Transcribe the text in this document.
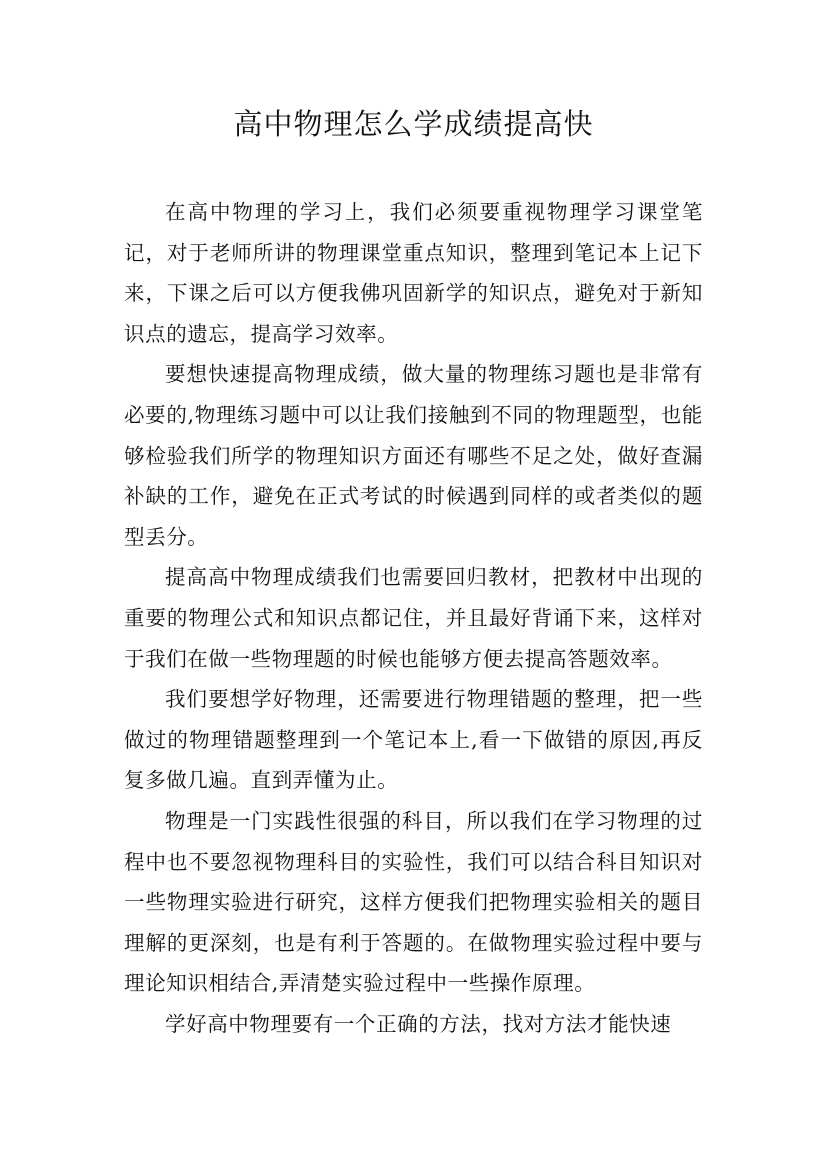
高中物理怎么学成绩提高快

在高中物理的学习上，我们必须要重视物理学习课堂笔记，对于老师所讲的物理课堂重点知识，整理到笔记本上记下来，下课之后可以方便我佛巩固新学的知识点，避免对于新知识点的遗忘，提高学习效率。

要想快速提高物理成绩，做大量的物理练习题也是非常有必要的,物理练习题中可以让我们接触到不同的物理题型，也能够检验我们所学的物理知识方面还有哪些不足之处，做好查漏补缺的工作，避免在正式考试的时候遇到同样的或者类似的题型丢分。

提高高中物理成绩我们也需要回归教材，把教材中出现的重要的物理公式和知识点都记住，并且最好背诵下来，这样对于我们在做一些物理题的时候也能够方便去提高答题效率。

我们要想学好物理，还需要进行物理错题的整理，把一些做过的物理错题整理到一个笔记本上,看一下做错的原因,再反复多做几遍。直到弄懂为止。

物理是一门实践性很强的科目，所以我们在学习物理的过程中也不要忽视物理科目的实验性，我们可以结合科目知识对一些物理实验进行研究，这样方便我们把物理实验相关的题目理解的更深刻，也是有利于答题的。在做物理实验过程中要与理论知识相结合,弄清楚实验过程中一些操作原理。

学好高中物理要有一个正确的方法，找对方法才能快速
